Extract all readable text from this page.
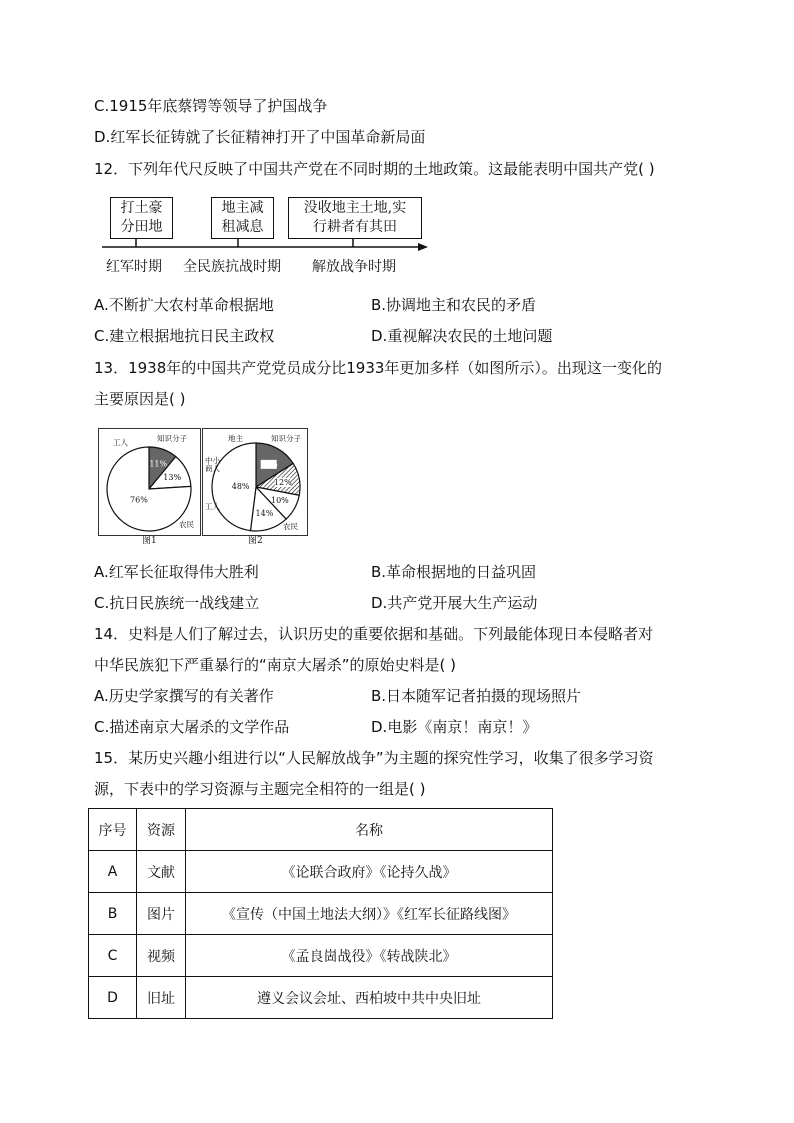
C.1915年底蔡锷等领导了护国战争
D.红军长征铸就了长征精神打开了中国革命新局面
12．下列年代尺反映了中国共产党在不同时期的土地政策。这最能表明中国共产党( )
打土豪
分田地
地主减
租减息
没收地主土地,实
行耕者有其田
红军时期 全民族抗战时期 解放战争时期
A.不断扩大农村革命根据地	B.协调地主和农民的矛盾
C.建立根据地抗日民主政权	D.重视解决农民的土地问题
13．1938年的中国共产党党员成分比1933年更加多样（如图所示）。出现这一变化的
主要原因是( )
11%
13%
76%
知识分子
工人
农民
16%
12%
10%
14%
48%
知识分子
地主
中小
商人
工人
农民
图1	图2
A.红军长征取得伟大胜利	B.革命根据地的日益巩固
C.抗日民族统一战线建立	D.共产党开展大生产运动
14．史料是人们了解过去，认识历史的重要依据和基础。下列最能体现日本侵略者对
中华民族犯下严重暴行的“南京大屠杀”的原始史料是( )
A.历史学家撰写的有关著作	B.日本随军记者拍摄的现场照片
C.描述南京大屠杀的文学作品	D.电影《南京！南京！》
15．某历史兴趣小组进行以“人民解放战争”为主题的探究性学习，收集了很多学习资
源，下表中的学习资源与主题完全相符的一组是( )
序号	资源	名称
A	文献	《论联合政府》《论持久战》
B	图片	《宣传（中国土地法大纲）》《红军长征路线图》
C	视频	《孟良崮战役》《转战陕北》
D	旧址	遵义会议会址、西柏坡中共中央旧址
